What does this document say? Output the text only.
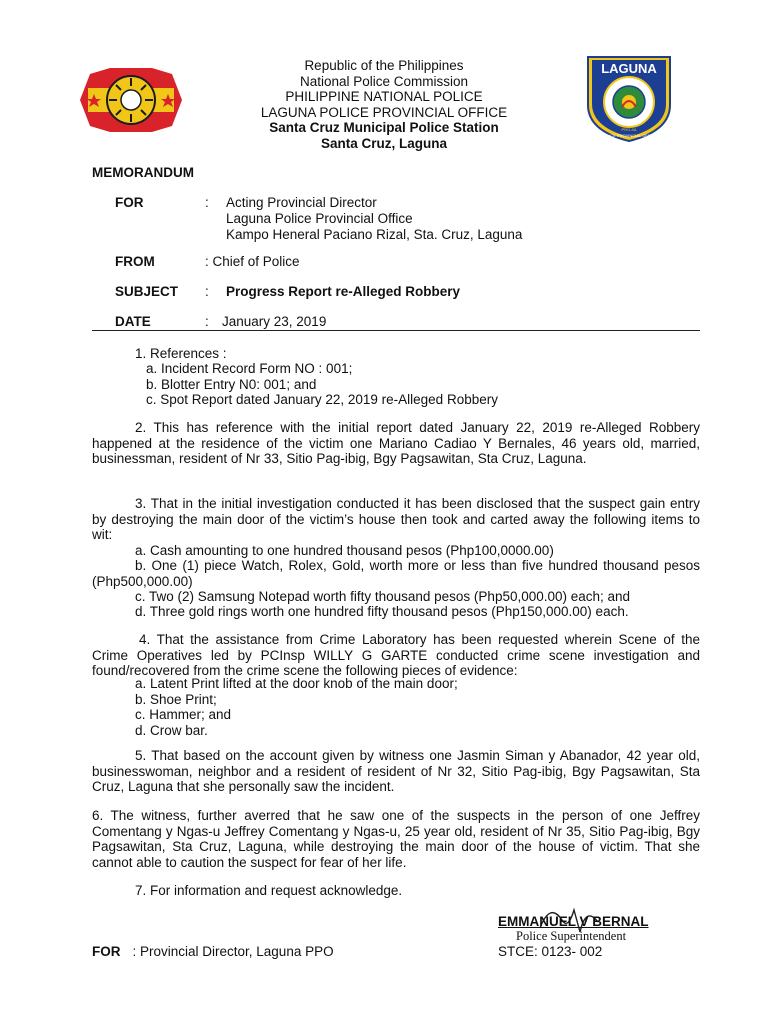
LAGUNA
POLICE PROVINCIAL OFFICE
PRO-4A
Republic of the Philippines
National Police Commission
PHILIPPINE NATIONAL POLICE
LAGUNA POLICE PROVINCIAL OFFICE
Santa Cruz Municipal Police Station
Santa Cruz, Laguna
MEMORANDUM
FOR	: Acting Provincial Director
Laguna Police Provincial Office
Kampo Heneral Paciano Rizal, Sta. Cruz, Laguna
FROM	: Chief of Police
SUBJECT : Progress Report re-Alleged Robbery
DATE	: January 23, 2019
1. References :
a. Incident Record Form NO : 001;
b. Blotter Entry N0: 001; and
c. Spot Report dated January 22, 2019 re-Alleged Robbery
2. This has reference with the initial report dated January 22, 2019 re-Alleged Robbery happened at the residence of the victim one Mariano Cadiao Y Bernales, 46 years old, married, businessman, resident of Nr 33, Sitio Pag-ibig, Bgy Pagsawitan, Sta Cruz, Laguna.
3. That in the initial investigation conducted it has been disclosed that the suspect gain entry by destroying the main door of the victim’s house then took and carted away the following items to wit:
a. Cash amounting to one hundred thousand pesos (Php100,0000.00)
b. One (1) piece Watch, Rolex, Gold, worth more or less than five hundred thousand pesos (Php500,000.00)
c. Two (2) Samsung Notepad worth fifty thousand pesos (Php50,000.00) each; and
d. Three gold rings worth one hundred fifty thousand pesos (Php150,000.00) each.
4. That the assistance from Crime Laboratory has been requested wherein Scene of the Crime Operatives led by PCInsp WILLY G GARTE conducted crime scene investigation and found/recovered from the crime scene the following pieces of evidence:
a. Latent Print lifted at the door knob of the main door;
b. Shoe Print;
c. Hammer; and
d. Crow bar.
5. That based on the account given by witness one Jasmin Siman y Abanador, 42 year old, businesswoman, neighbor and a resident of resident of Nr 32, Sitio Pag-ibig, Bgy Pagsawitan, Sta Cruz, Laguna that she personally saw the incident.
6. The witness, further averred that he saw one of the suspects in the person of one Jeffrey Comentang y Ngas-u Jeffrey Comentang y Ngas-u, 25 year old, resident of Nr 35, Sitio Pag-ibig, Bgy Pagsawitan, Sta Cruz, Laguna, while destroying the main door of the house of victim. That she cannot able to caution the suspect for fear of her life.
7. For information and request acknowledge.
EMMANUEL V BERNAL
Police Superintendent
FOR : Provincial Director, Laguna PPO	STCE: 0123- 002
